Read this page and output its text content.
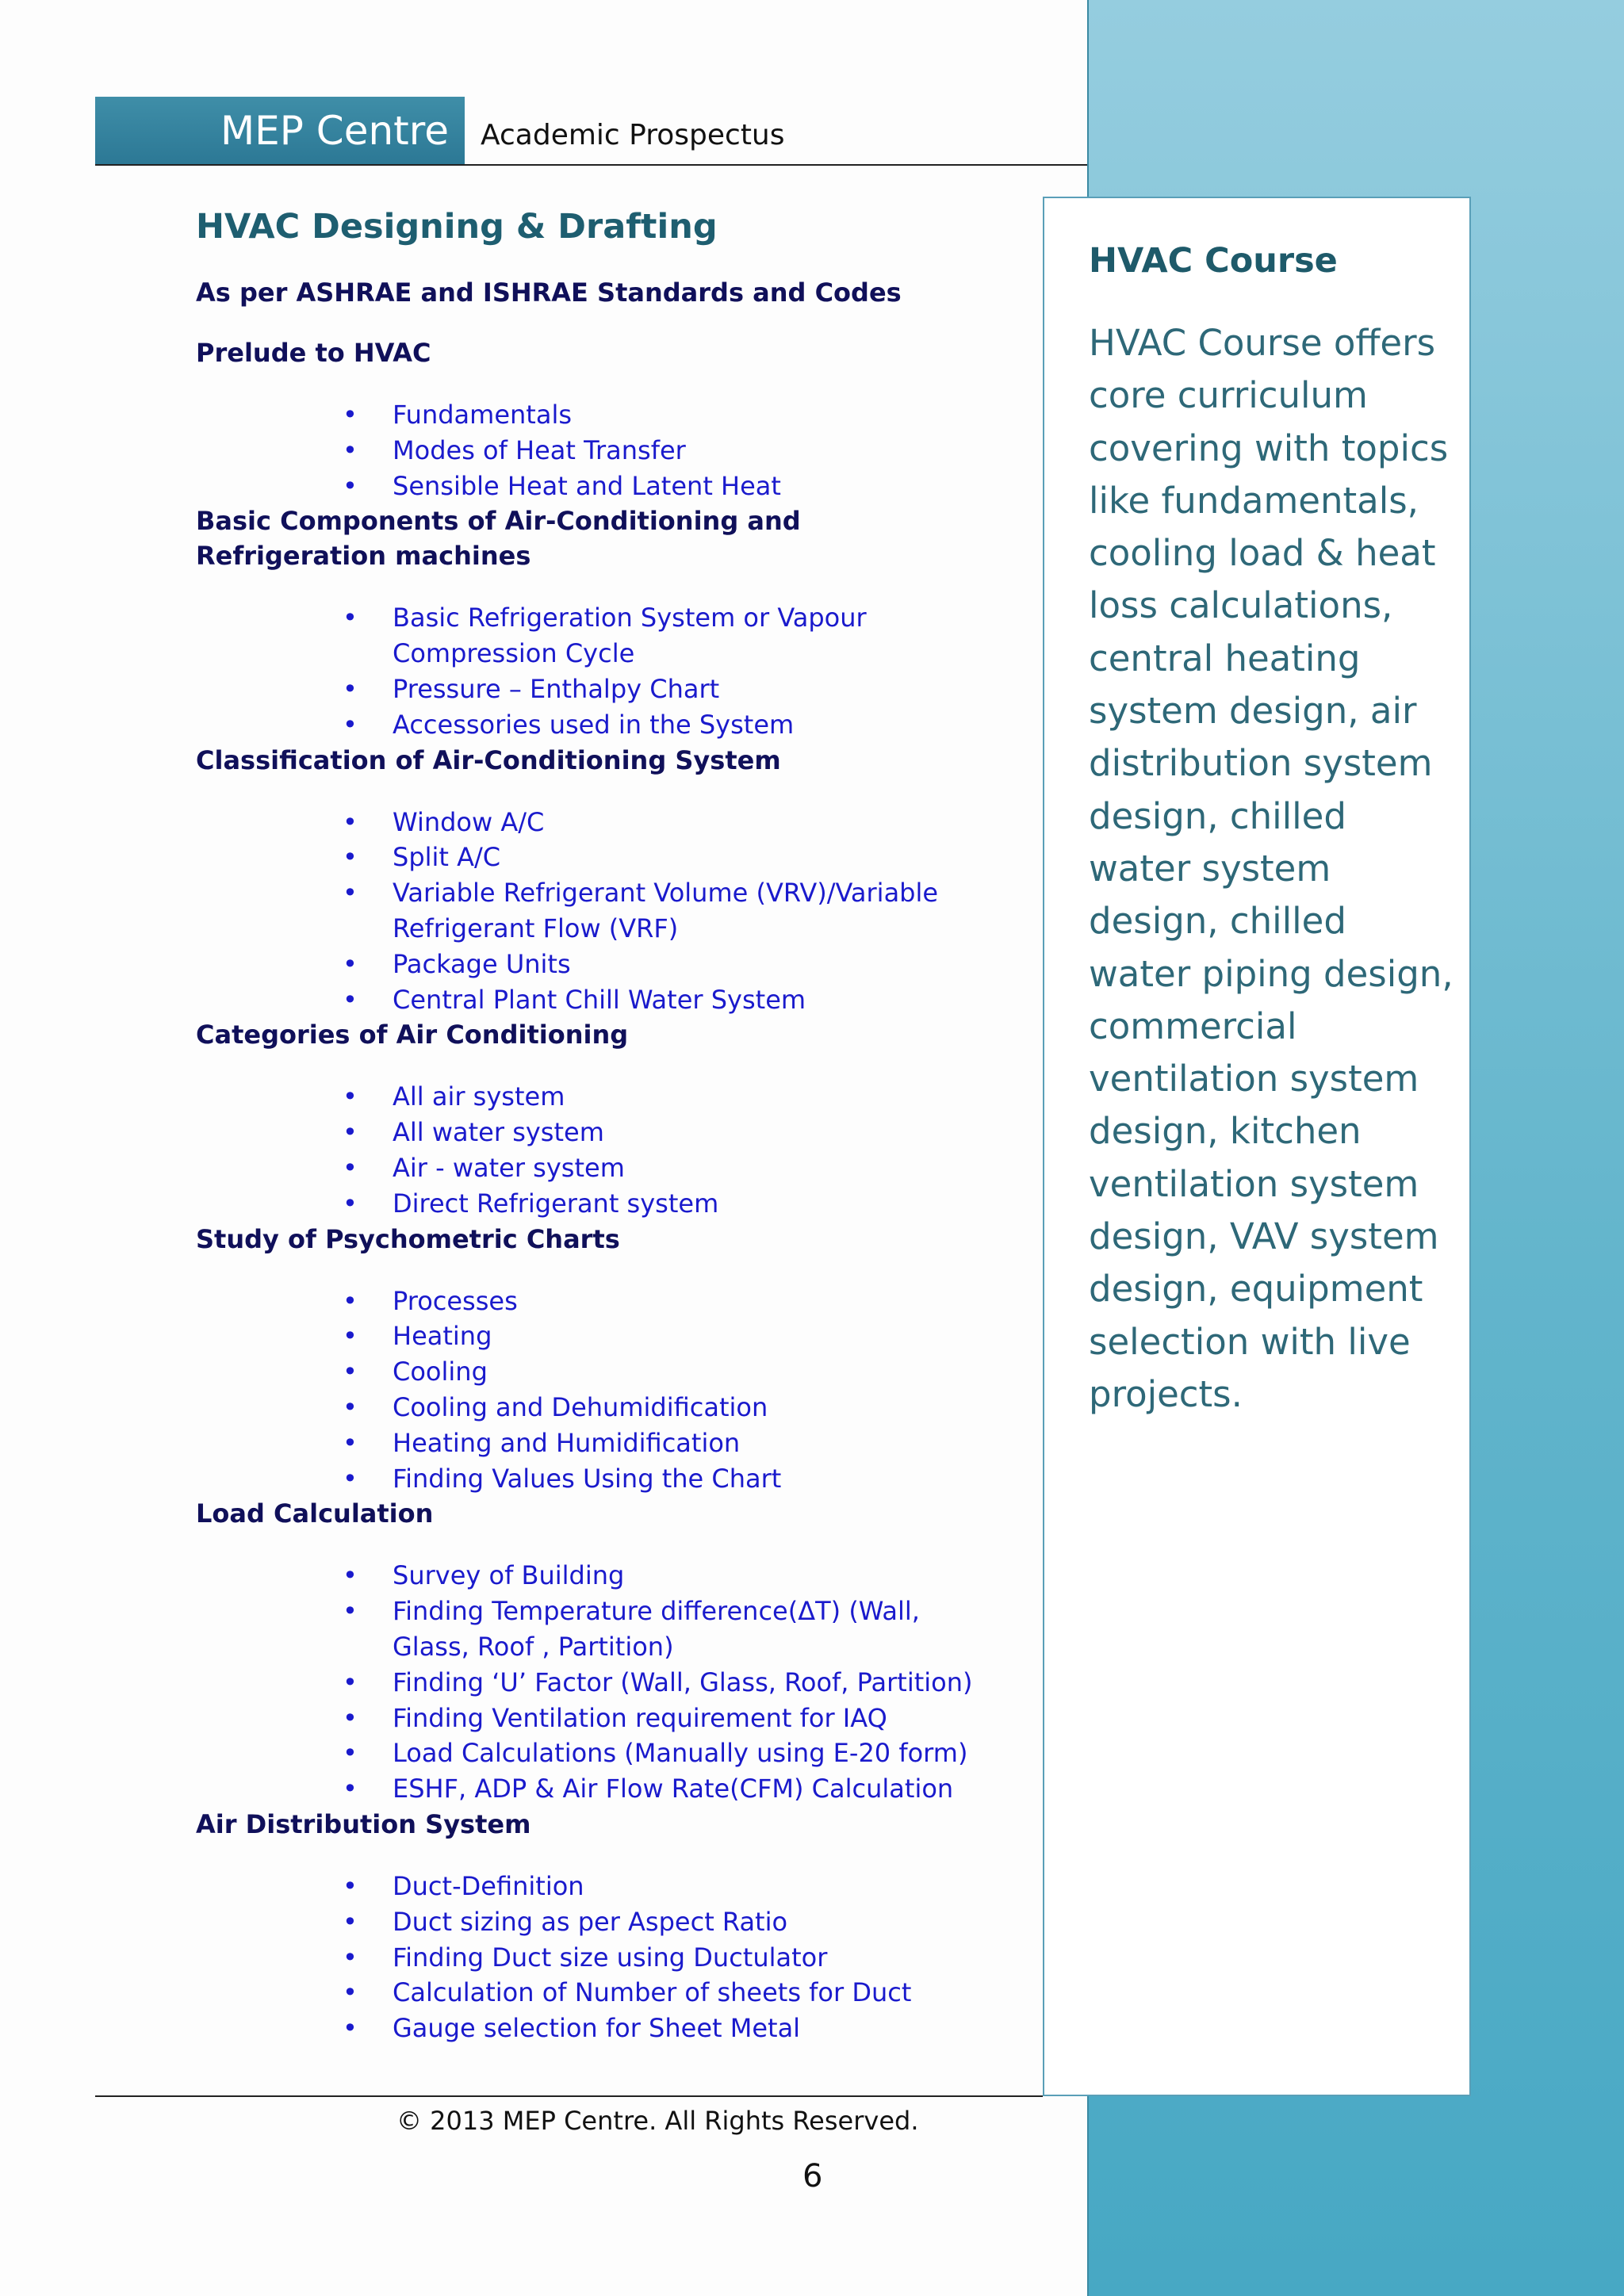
MEP Centre	Academic Prospectus
HVAC Course
HVAC Course offers core curriculum covering with topics like fundamentals, cooling load & heat loss calculations, central heating system design, air distribution system design, chilled water system design, chilled water piping design, commercial ventilation system design, kitchen ventilation system design, VAV system design, equipment selection with live projects.
HVAC Designing & Drafting

As per ASHRAE and ISHRAE Standards and Codes

Prelude to HVAC
• Fundamentals
• Modes of Heat Transfer
• Sensible Heat and Latent Heat
Basic Components of Air-Conditioning and Refrigeration machines
• Basic Refrigeration System or Vapour Compression Cycle
• Pressure – Enthalpy Chart
• Accessories used in the System
Classification of Air-Conditioning System
• Window A/C
• Split A/C
• Variable Refrigerant Volume (VRV)/Variable Refrigerant Flow (VRF)
• Package Units
• Central Plant Chill Water System
Categories of Air Conditioning
• All air system
• All water system
• Air - water system
• Direct Refrigerant system
Study of Psychometric Charts
• Processes
• Heating
• Cooling
• Cooling and Dehumidification
• Heating and Humidification
• Finding Values Using the Chart
Load Calculation
• Survey of Building
• Finding Temperature difference(ΔT) (Wall, Glass, Roof , Partition)
• Finding ‘U’ Factor (Wall, Glass, Roof, Partition)
• Finding Ventilation requirement for IAQ
• Load Calculations (Manually using E-20 form)
• ESHF, ADP & Air Flow Rate(CFM) Calculation
Air Distribution System
• Duct-Definition
• Duct sizing as per Aspect Ratio
• Finding Duct size using Ductulator
• Calculation of Number of sheets for Duct
• Gauge selection for Sheet Metal
© 2013 MEP Centre. All Rights Reserved.
6
